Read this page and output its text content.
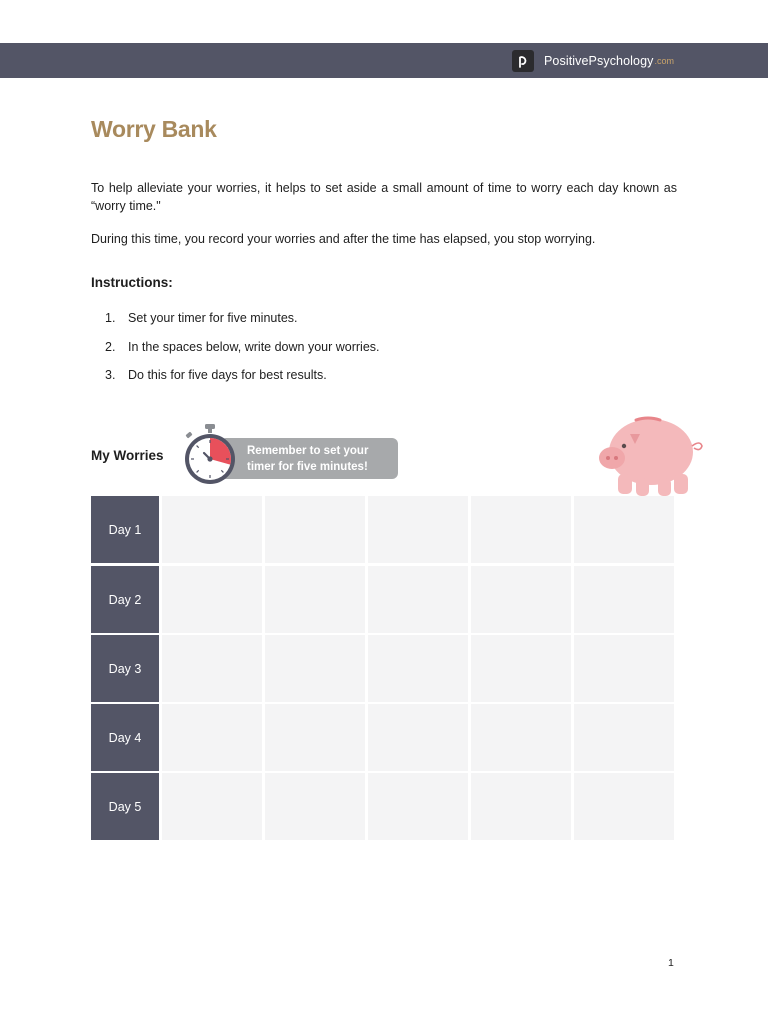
PositivePsychology .com
Worry Bank

To help alleviate your worries, it helps to set aside a small amount of time to worry each day known as “worry time."

During this time, you record your worries and after the time has elapsed, you stop worrying.

Instructions:
1.	Set your timer for five minutes.
2.	In the spaces below, write down your worries.
3.	Do this for five days for best results.
My Worries	Remember to set your
timer for five minutes!
Day 1
Day 2
Day 3
Day 4
Day 5
1
